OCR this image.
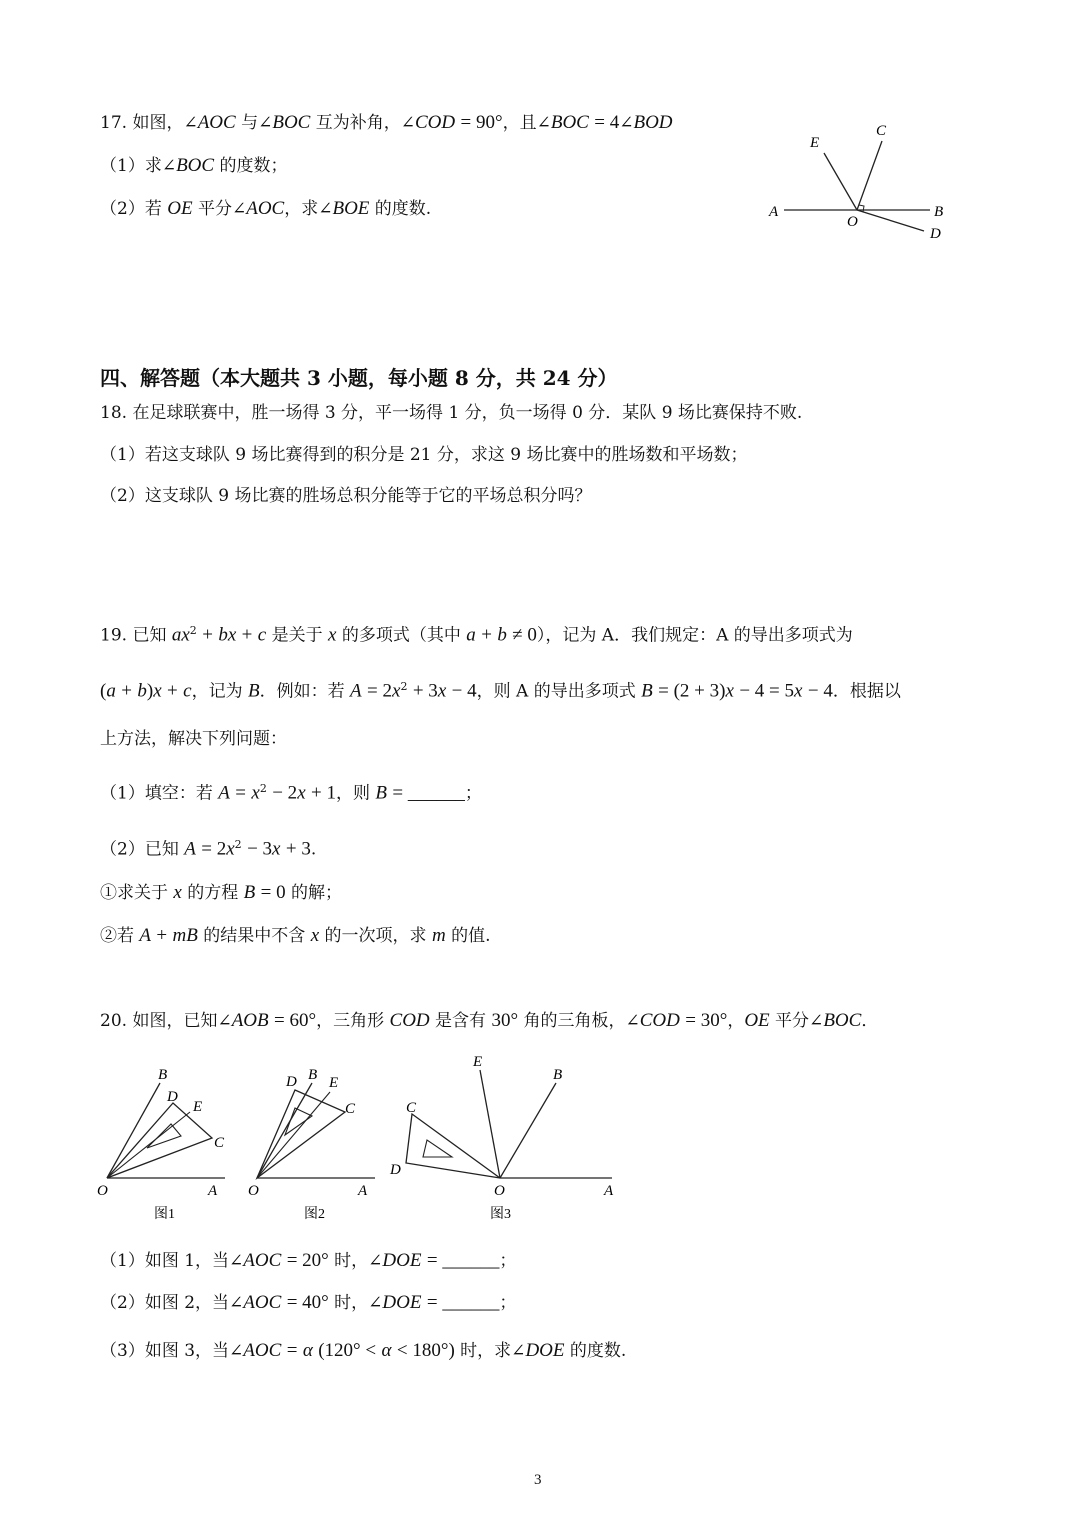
17. 如图，∠AOC 与∠BOC 互为补角，∠COD = 90°，且∠BOC = 4∠BOD
（1）求∠BOC 的度数；
（2）若 OE 平分∠AOC，求∠BOE 的度数.	A
O
B
C
D
E
四、解答题（本大题共 3 小题，每小题 8 分，共 24 分）
18. 在足球联赛中，胜一场得 3 分，平一场得 1 分，负一场得 0 分．某队 9 场比赛保持不败.
（1）若这支球队 9 场比赛得到的积分是 21 分，求这 9 场比赛中的胜场数和平场数；
（2）这支球队 9 场比赛的胜场总积分能等于它的平场总积分吗？
19. 已知 $ax^2$ + bx + c 是关于 x 的多项式（其中 a + b ≠ 0），记为 A．我们规定：A 的导出多项式为
(a + b)x + c，记为 B．例如：若 $A = 2x^2 + 3x - 4$，则 A 的导出多项式 B = (2 + 3)x − 4 = 5x − 4．根据以
上方法，解决下列问题：
（1）填空：若 $A = x^2 - 2x + 1$，则 B = ______；
（2）已知 $A = 2x^2 - 3x + 3$.
①求关于 x 的方程 B = 0 的解；
②若 A + mB 的结果中不含 x 的一次项，求 m 的值.
20. 如图，已知∠AOB = 60°，三角形 COD 是含有 30° 角的三角板，∠COD = 30°，OE 平分∠BOC．
B
D
E
C
O	A
图1
D B E
C
O	A
图2
E
B
C
D
O	A
图3
（1）如图 1，当∠AOC = 20° 时，∠DOE = ______；
（2）如图 2，当∠AOC = 40° 时，∠DOE = ______；
（3）如图 3，当∠AOC = α (120° < α < 180°) 时，求∠DOE 的度数.
3
